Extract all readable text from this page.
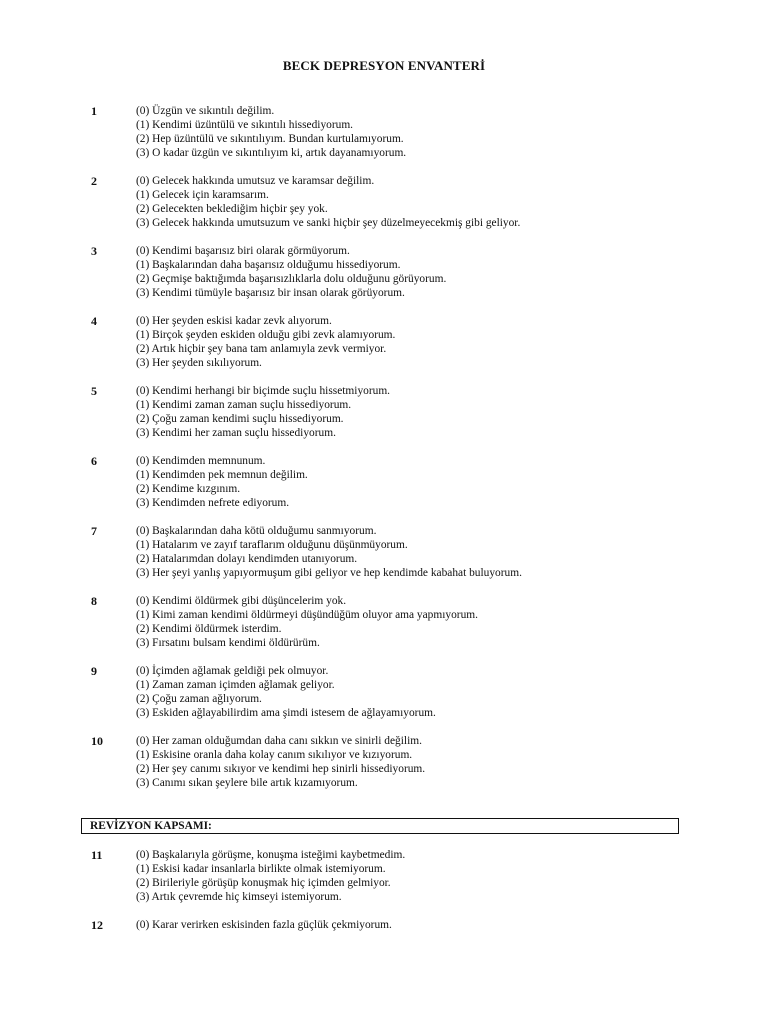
BECK DEPRESYON ENVANTERİ
1	(0) Üzgün ve sıkıntılı değilim.
(1) Kendimi üzüntülü ve sıkıntılı hissediyorum.
(2) Hep üzüntülü ve sıkıntılıyım. Bundan kurtulamıyorum.
(3) O kadar üzgün ve sıkıntılıyım ki, artık dayanamıyorum.
2	(0) Gelecek hakkında umutsuz ve karamsar değilim.
(1) Gelecek için karamsarım.
(2) Gelecekten beklediğim hiçbir şey yok.
(3) Gelecek hakkında umutsuzum ve sanki hiçbir şey düzelmeyecekmiş gibi geliyor.
3	(0) Kendimi başarısız biri olarak görmüyorum.
(1) Başkalarından daha başarısız olduğumu hissediyorum.
(2) Geçmişe baktığımda başarısızlıklarla dolu olduğunu görüyorum.
(3) Kendimi tümüyle başarısız bir insan olarak görüyorum.
4	(0) Her şeyden eskisi kadar zevk alıyorum.
(1) Birçok şeyden eskiden olduğu gibi zevk alamıyorum.
(2) Artık hiçbir şey bana tam anlamıyla zevk vermiyor.
(3) Her şeyden sıkılıyorum.
5	(0) Kendimi herhangi bir biçimde suçlu hissetmiyorum.
(1) Kendimi zaman zaman suçlu hissediyorum.
(2) Çoğu zaman kendimi suçlu hissediyorum.
(3) Kendimi her zaman suçlu hissediyorum.
6	(0) Kendimden memnunum.
(1) Kendimden pek memnun değilim.
(2) Kendime kızgınım.
(3) Kendimden nefrete ediyorum.
7	(0) Başkalarından daha kötü olduğumu sanmıyorum.
(1) Hatalarım ve zayıf taraflarım olduğunu düşünmüyorum.
(2) Hatalarımdan dolayı kendimden utanıyorum.
(3) Her şeyi yanlış yapıyormuşum gibi geliyor ve hep kendimde kabahat buluyorum.
8	(0) Kendimi öldürmek gibi düşüncelerim yok.
(1) Kimi zaman kendimi öldürmeyi düşündüğüm oluyor ama yapmıyorum.
(2) Kendimi öldürmek isterdim.
(3) Fırsatını bulsam kendimi öldürürüm.
9	(0) İçimden ağlamak geldiği pek olmuyor.
(1) Zaman zaman içimden ağlamak geliyor.
(2) Çoğu zaman ağlıyorum.
(3) Eskiden ağlayabilirdim ama şimdi istesem de ağlayamıyorum.
10	(0) Her zaman olduğumdan daha canı sıkkın ve sinirli değilim.
(1) Eskisine oranla daha kolay canım sıkılıyor ve kızıyorum.
(2) Her şey canımı sıkıyor ve kendimi hep sinirli hissediyorum.
(3) Canımı sıkan şeylere bile artık kızamıyorum.
11	(0) Başkalarıyla görüşme, konuşma isteğimi kaybetmedim.
(1) Eskisi kadar insanlarla birlikte olmak istemiyorum.
(2) Birileriyle görüşüp konuşmak hiç içimden gelmiyor.
(3) Artık çevremde hiç kimseyi istemiyorum.
12	(0) Karar verirken eskisinden fazla güçlük çekmiyorum.
REVİZYON KAPSAMI:
